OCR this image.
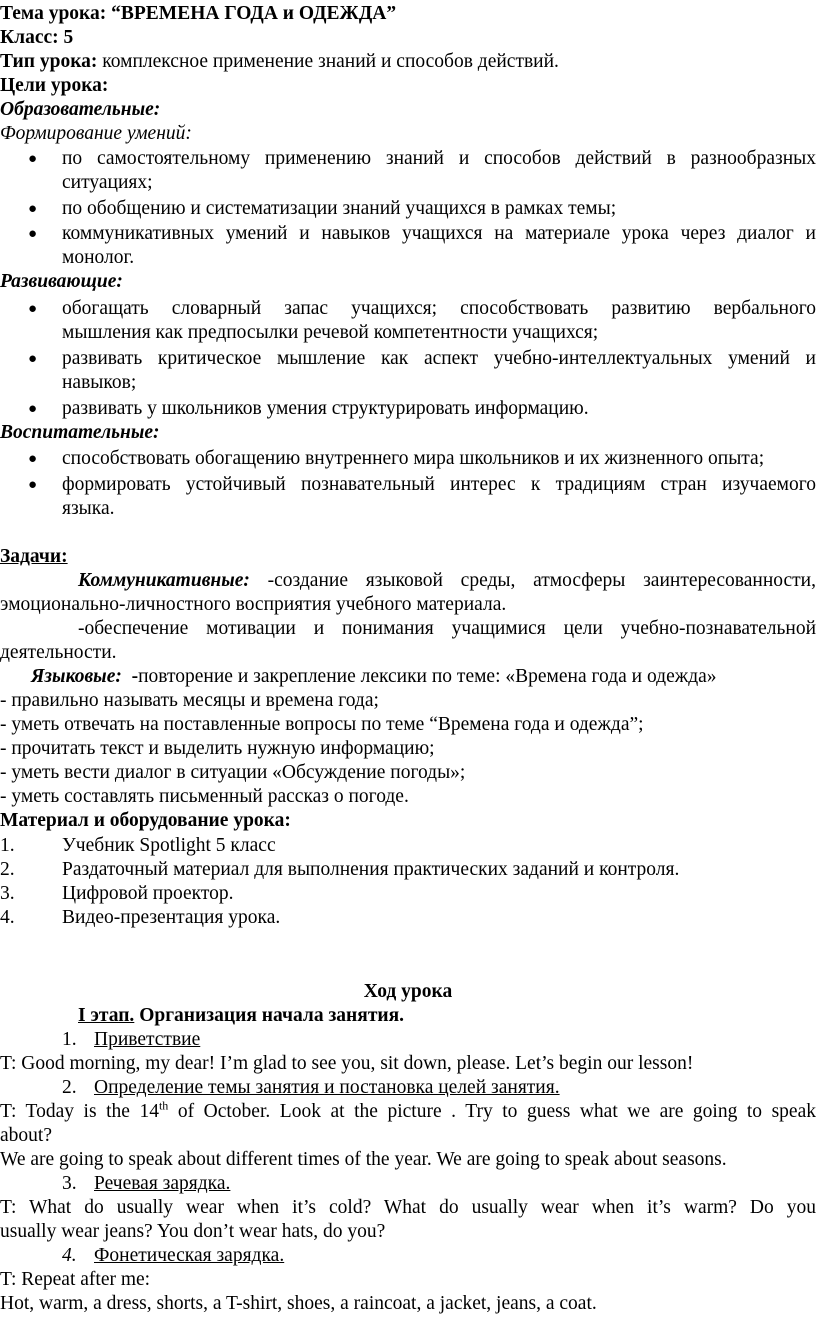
Тема урока: “ВРЕМЕНА ГОДА и ОДЕЖДА”
Класс: 5
Тип урока: комплексное применение знаний и способов действий.
Цели урока:
Образовательные:
Формирование умений:
● по самостоятельному применению знаний и способов действий в разнообразных
ситуациях;
● по обобщению и систематизации знаний учащихся в рамках темы;
● коммуникативных умений и навыков учащихся на материале урока через диалог и
монолог.
Развивающие:
● обогащать словарный запас учащихся; способствовать развитию вербального
мышления как предпосылки речевой компетентности учащихся;
● развивать критическое мышление как аспект учебно-интеллектуальных умений и
навыков;
● развивать у школьников умения структурировать информацию.
Воспитательные:
● способствовать обогащению внутреннего мира школьников и их жизненного опыта;
● формировать устойчивый познавательный интерес к традициям стран изучаемого
языка.
Задачи:
Коммуникативные: -создание языковой среды, атмосферы заинтересованности,
эмоционально-личностного восприятия учебного материала.
-обеспечение мотивации и понимания учащимися цели учебно-познавательной
деятельности.
Языковые: -повторение и закрепление лексики по теме: «Времена года и одежда»
- правильно называть месяцы и времена года;
- уметь отвечать на поставленные вопросы по теме “Времена года и одежда”;
- прочитать текст и выделить нужную информацию;
- уметь вести диалог в ситуации «Обсуждение погоды»;
- уметь составлять письменный рассказ о погоде.
Материал и оборудование урока:
1. Учебник Spotlight 5 класс
2. Раздаточный материал для выполнения практических заданий и контроля.
3. Цифровой проектор.
4. Видео-презентация урока.
Ход урока
I этап. Организация начала занятия.
1. Приветствие
T: Good morning, my dear! I’m glad to see you, sit down, please. Let’s begin our lesson!
2. Определение темы занятия и постановка целей занятия.
T: Today is the 14th of October. Look at the picture . Try to guess what we are going to speak
about?
We are going to speak about different times of the year. We are going to speak about seasons.
3. Речевая зарядка.
T: What do usually wear when it’s cold? What do usually wear when it’s warm? Do you
usually wear jeans? You don’t wear hats, do you?
4. Фонетическая зарядка.
T: Repeat after me:
Hot, warm, a dress, shorts, a T-shirt, shoes, a raincoat, a jacket, jeans, a coat.
